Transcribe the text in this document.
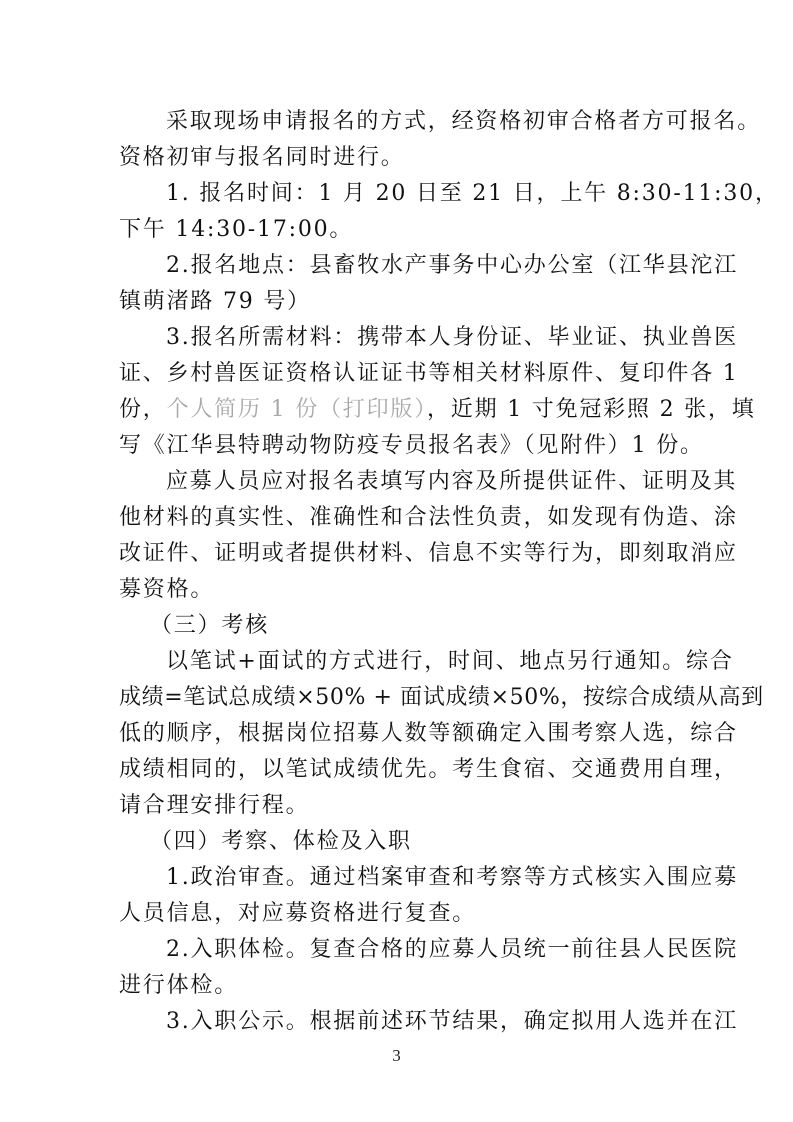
采取现场申请报名的方式，经资格初审合格者方可报名。
资格初审与报名同时进行。
1. 报名时间：1 月 20 日至 21 日，上午 8:30-11:30，
下午 14:30-17:00。
2.报名地点：县畜牧水产事务中心办公室（江华县沱江
镇萌渚路 79 号）
3.报名所需材料：携带本人身份证、毕业证、执业兽医
证、乡村兽医证资格认证证书等相关材料原件、复印件各 1
份，个人简历 1 份（打印版），近期 1 寸免冠彩照 2 张，填
写《江华县特聘动物防疫专员报名表》（见附件）1 份。
应募人员应对报名表填写内容及所提供证件、证明及其
他材料的真实性、准确性和合法性负责，如发现有伪造、涂
改证件、证明或者提供材料、信息不实等行为，即刻取消应
募资格。
（三）考核
以笔试+面试的方式进行，时间、地点另行通知。综合
成绩=笔试总成绩×50% + 面试成绩×50%，按综合成绩从高到
低的顺序，根据岗位招募人数等额确定入围考察人选，综合
成绩相同的，以笔试成绩优先。考生食宿、交通费用自理，
请合理安排行程。
（四）考察、体检及入职
1.政治审查。通过档案审查和考察等方式核实入围应募
人员信息，对应募资格进行复查。
2.入职体检。复查合格的应募人员统一前往县人民医院
进行体检。
3.入职公示。根据前述环节结果，确定拟用人选并在江
3
